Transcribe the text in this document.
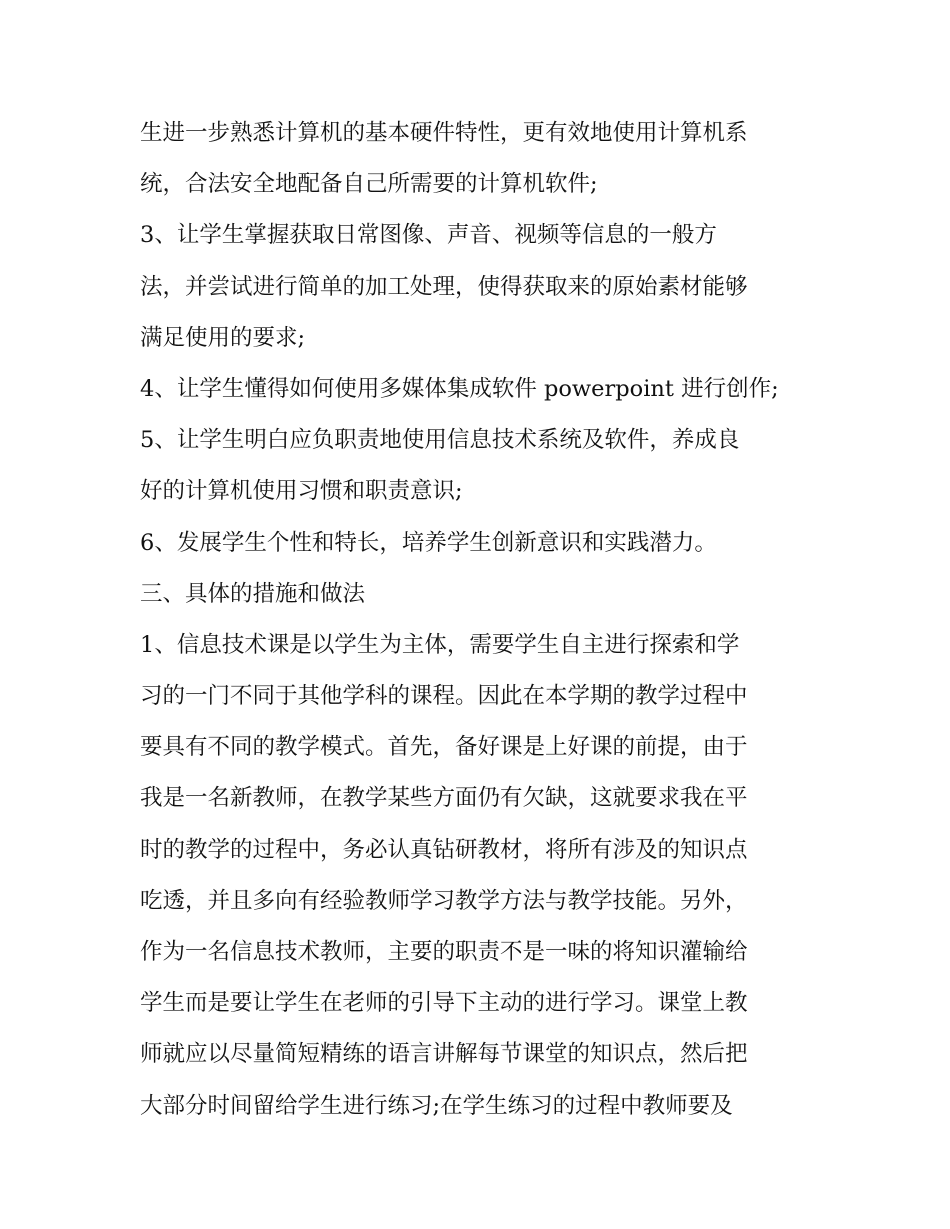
生进一步熟悉计算机的基本硬件特性，更有效地使用计算机系
统，合法安全地配备自己所需要的计算机软件;
3、让学生掌握获取日常图像、声音、视频等信息的一般方
法，并尝试进行简单的加工处理，使得获取来的原始素材能够
满足使用的要求;
4、让学生懂得如何使用多媒体集成软件 powerpoint 进行创作;
5、让学生明白应负职责地使用信息技术系统及软件，养成良
好的计算机使用习惯和职责意识;
6、发展学生个性和特长，培养学生创新意识和实践潜力。
三、具体的措施和做法
1、信息技术课是以学生为主体，需要学生自主进行探索和学
习的一门不同于其他学科的课程。因此在本学期的教学过程中
要具有不同的教学模式。首先，备好课是上好课的前提，由于
我是一名新教师，在教学某些方面仍有欠缺，这就要求我在平
时的教学的过程中，务必认真钻研教材，将所有涉及的知识点
吃透，并且多向有经验教师学习教学方法与教学技能。另外，
作为一名信息技术教师，主要的职责不是一味的将知识灌输给
学生而是要让学生在老师的引导下主动的进行学习。课堂上教
师就应以尽量简短精练的语言讲解每节课堂的知识点，然后把
大部分时间留给学生进行练习;在学生练习的过程中教师要及
